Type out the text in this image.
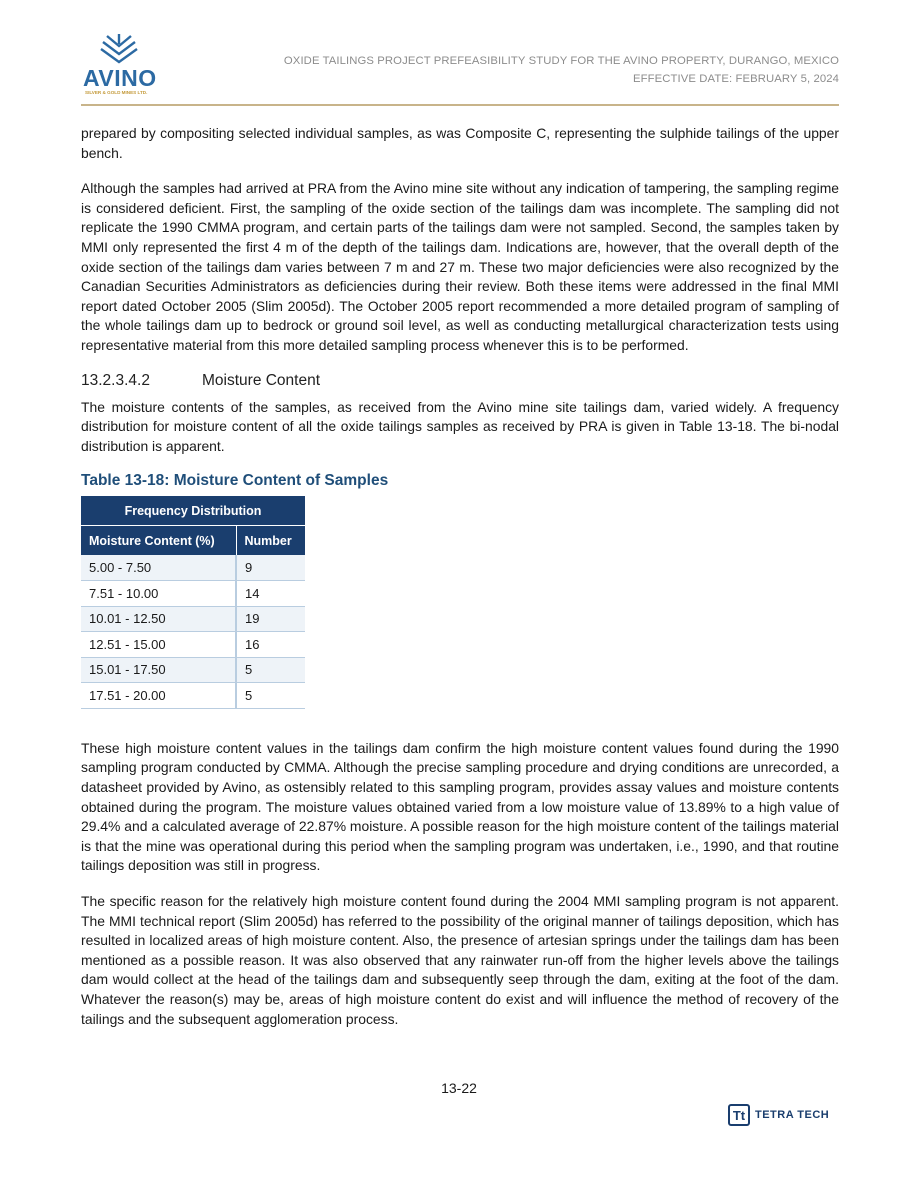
AVINO
SILVER & GOLD MINES LTD.
OXIDE TAILINGS PROJECT PREFEASIBILITY STUDY FOR THE AVINO PROPERTY, DURANGO, MEXICO
EFFECTIVE DATE: FEBRUARY 5, 2024

prepared by compositing selected individual samples, as was Composite C, representing the sulphide tailings of the upper bench.

Although the samples had arrived at PRA from the Avino mine site without any indication of tampering, the sampling regime is considered deficient. First, the sampling of the oxide section of the tailings dam was incomplete. The sampling did not replicate the 1990 CMMA program, and certain parts of the tailings dam were not sampled. Second, the samples taken by MMI only represented the first 4 m of the depth of the tailings dam. Indications are, however, that the overall depth of the oxide section of the tailings dam varies between 7 m and 27 m. These two major deficiencies were also recognized by the Canadian Securities Administrators as deficiencies during their review. Both these items were addressed in the final MMI report dated October 2005 (Slim 2005d). The October 2005 report recommended a more detailed program of sampling of the whole tailings dam up to bedrock or ground soil level, as well as conducting metallurgical characterization tests using representative material from this more detailed sampling process whenever this is to be performed.

13.2.3.4.2	Moisture Content

The moisture contents of the samples, as received from the Avino mine site tailings dam, varied widely. A frequency distribution for moisture content of all the oxide tailings samples as received by PRA is given in Table 13-18. The bi-nodal distribution is apparent.

Table 13-18: Moisture Content of Samples
Frequency Distribution	
Moisture Content (%)	Number
5.00 - 7.50	9
7.51 - 10.00	14
10.01 - 12.50	19
12.51 - 15.00	16
15.01 - 17.50	5
17.51 - 20.00	5

These high moisture content values in the tailings dam confirm the high moisture content values found during the 1990 sampling program conducted by CMMA. Although the precise sampling procedure and drying conditions are unrecorded, a datasheet provided by Avino, as ostensibly related to this sampling program, provides assay values and moisture contents obtained during the program. The moisture values obtained varied from a low moisture value of 13.89% to a high value of 29.4% and a calculated average of 22.87% moisture. A possible reason for the high moisture content of the tailings material is that the mine was operational during this period when the sampling program was undertaken, i.e., 1990, and that routine tailings deposition was still in progress.

The specific reason for the relatively high moisture content found during the 2004 MMI sampling program is not apparent. The MMI technical report (Slim 2005d) has referred to the possibility of the original manner of tailings deposition, which has resulted in localized areas of high moisture content. Also, the presence of artesian springs under the tailings dam has been mentioned as a possible reason. It was also observed that any rainwater run-off from the higher levels above the tailings dam would collect at the head of the tailings dam and subsequently seep through the dam, exiting at the foot of the dam. Whatever the reason(s) may be, areas of high moisture content do exist and will influence the method of recovery of the tailings and the subsequent agglomeration process.

13-22
Tt TETRA TECH
